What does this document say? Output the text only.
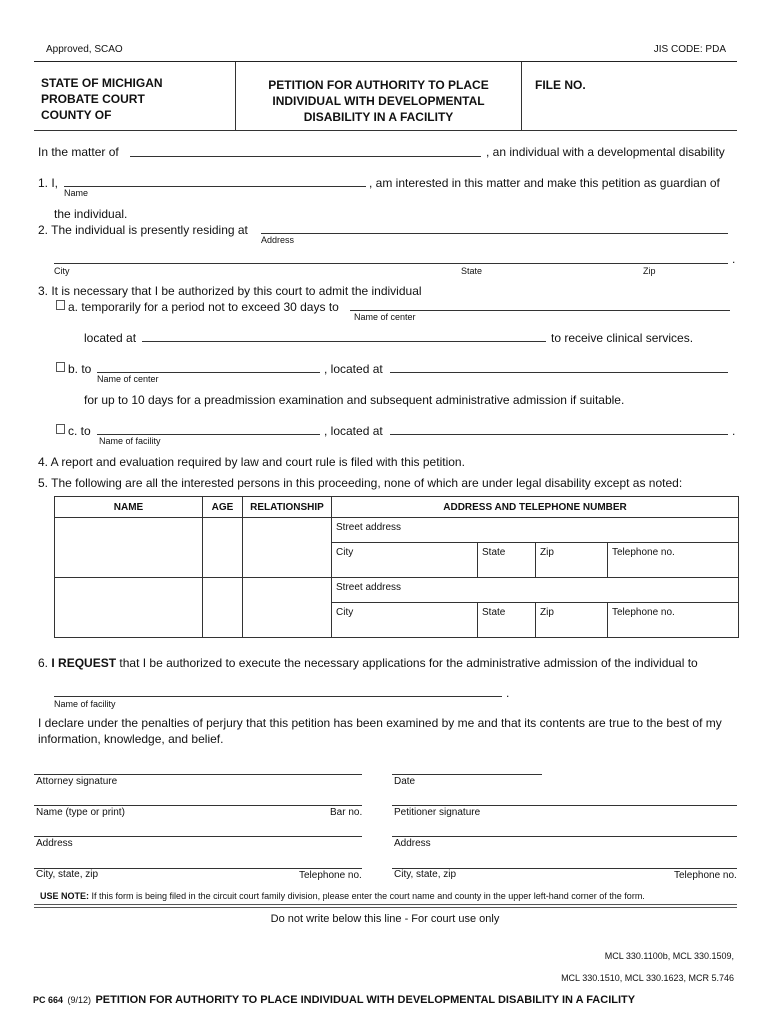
Approved, SCAO	JIS CODE: PDA
STATE OF MICHIGAN
PROBATE COURT
COUNTY OF
PETITION FOR AUTHORITY TO PLACE
INDIVIDUAL WITH DEVELOPMENTAL
DISABILITY IN A FACILITY
FILE NO.
In the matter of	, an individual with a developmental disability
1. I,
Name
, am interested in this matter and make this petition as guardian of
the individual.
2. The individual is presently residing at
Address
.
City	State	Zip
3. It is necessary that I be authorized by this court to admit the individual
a. temporarily for a period not to exceed 30 days to
Name of center
located at	to receive clinical services.
b. to
Name of center
, located at
for up to 10 days for a preadmission examination and subsequent administrative admission if suitable.
c. to
Name of facility
, located at	.
4. A report and evaluation required by law and court rule is filed with this petition.
5. The following are all the interested persons in this proceeding, none of which are under legal disability except as noted:
NAME	AGE	RELATIONSHIP	ADDRESS AND TELEPHONE NUMBER			

			Street address			

			City	State	Zip	Telephone no.

			Street address			

			City	State	Zip	Telephone no.
6. I REQUEST that I be authorized to execute the necessary applications for the administrative admission of the individual to
.
Name of facility
I declare under the penalties of perjury that this petition has been examined by me and that its contents are true to the best of my
information, knowledge, and belief.
Attorney signature	Date
Name (type or print)	Bar no.	Petitioner signature
Address	Address
City, state, zip	Telephone no.	City, state, zip	Telephone no.
USE NOTE: If this form is being filed in the circuit court family division, please enter the court name and county in the upper left-hand corner of the form.
Do not write below this line - For court use only
MCL 330.1100b, MCL 330.1509,
MCL 330.1510, MCL 330.1623, MCR 5.746
PC 664 (9/12) PETITION FOR AUTHORITY TO PLACE INDIVIDUAL WITH DEVELOPMENTAL DISABILITY IN A FACILITY
